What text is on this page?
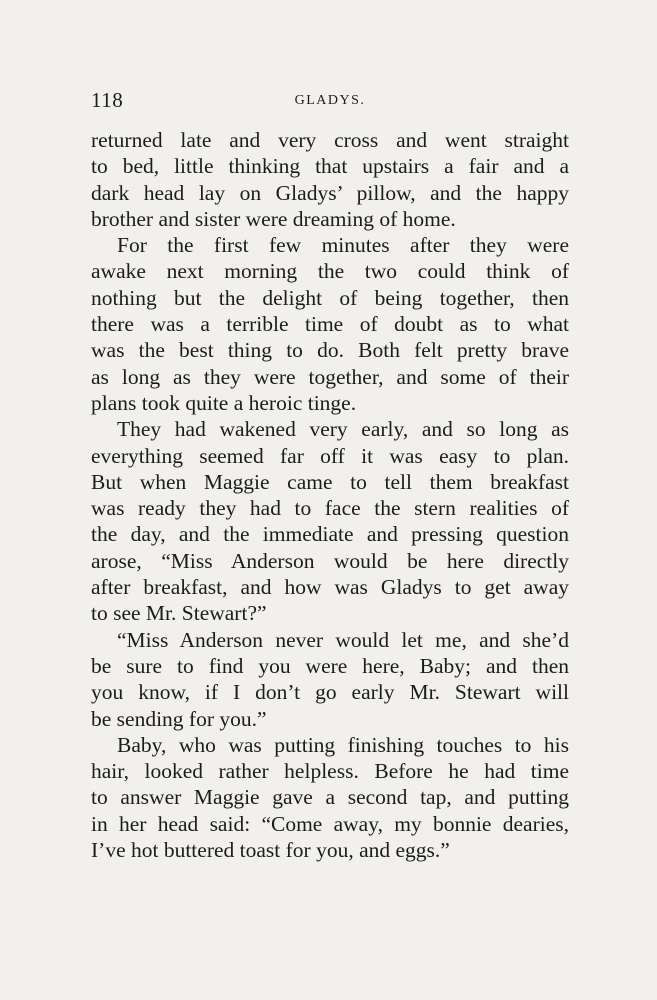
118	GLADYS.
returned late and very cross and went straight
to bed, little thinking that upstairs a fair and a
dark head lay on Gladys’ pillow, and the happy
brother and sister were dreaming of home.
For the first few minutes after they were
awake next morning the two could think of
nothing but the delight of being together, then
there was a terrible time of doubt as to what
was the best thing to do. Both felt pretty brave
as long as they were together, and some of their
plans took quite a heroic tinge.
They had wakened very early, and so long as
everything seemed far off it was easy to plan.
But when Maggie came to tell them breakfast
was ready they had to face the stern realities of
the day, and the immediate and pressing question
arose, “Miss Anderson would be here directly
after breakfast, and how was Gladys to get away
to see Mr. Stewart?”
“Miss Anderson never would let me, and she’d
be sure to find you were here, Baby; and then
you know, if I don’t go early Mr. Stewart will
be sending for you.”
Baby, who was putting finishing touches to his
hair, looked rather helpless. Before he had time
to answer Maggie gave a second tap, and putting
in her head said: “Come away, my bonnie dearies,
I’ve hot buttered toast for you, and eggs.”
